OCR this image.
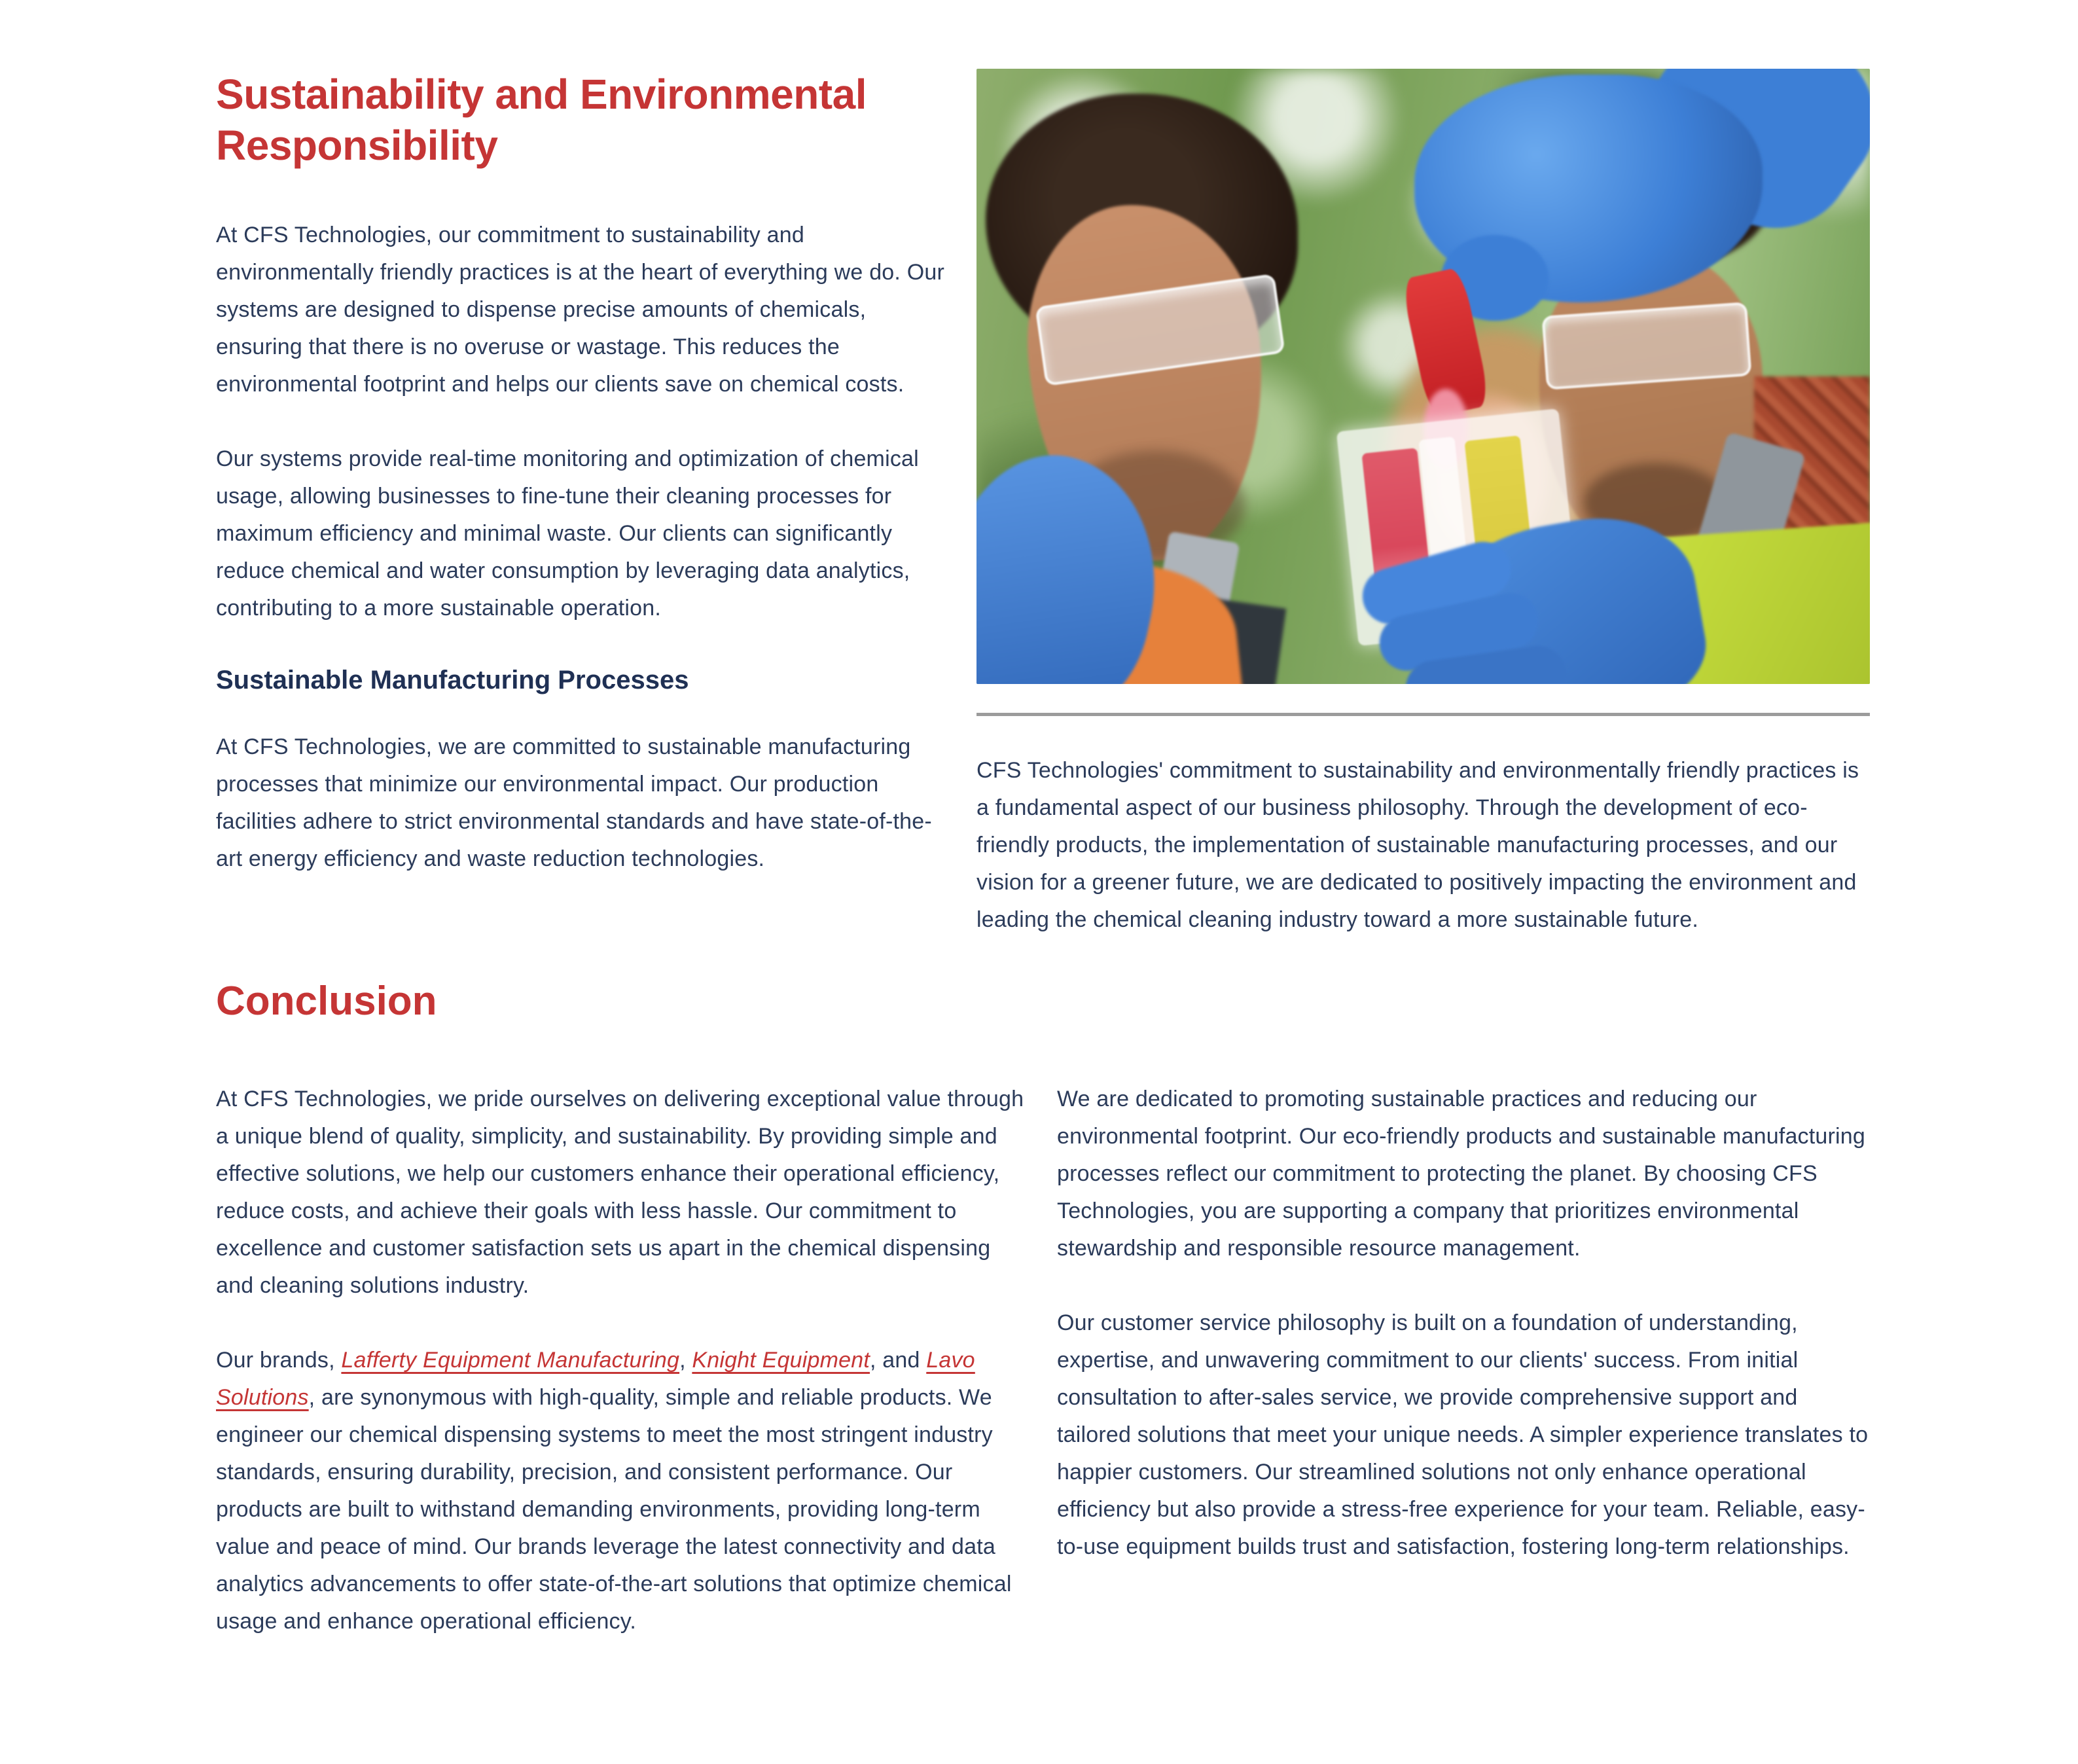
Sustainability and Environmental Responsibility

At CFS Technologies, our commitment to sustainability and environmentally friendly practices is at the heart of everything we do. Our systems are designed to dispense precise amounts of chemicals, ensuring that there is no overuse or wastage. This reduces the environmental footprint and helps our clients save on chemical costs.

Our systems provide real-time monitoring and optimization of chemical usage, allowing businesses to fine-tune their cleaning processes for maximum efficiency and minimal waste. Our clients can significantly reduce chemical and water consumption by leveraging data analytics, contributing to a more sustainable operation.

Sustainable Manufacturing Processes

At CFS Technologies, we are committed to sustainable manufacturing processes that minimize our environmental impact. Our production facilities adhere to strict environmental standards and have state-of-the-art energy efficiency and waste reduction technologies.

CFS Technologies' commitment to sustainability and environmentally friendly practices is a fundamental aspect of our business philosophy. Through the development of eco-friendly products, the implementation of sustainable manufacturing processes, and our vision for a greener future, we are dedicated to positively impacting the environment and leading the chemical cleaning industry toward a more sustainable future.

Conclusion

At CFS Technologies, we pride ourselves on delivering exceptional value through a unique blend of quality, simplicity, and sustainability. By providing simple and effective solutions, we help our customers enhance their operational efficiency, reduce costs, and achieve their goals with less hassle. Our commitment to excellence and customer satisfaction sets us apart in the chemical dispensing and cleaning solutions industry.

Our brands, Lafferty Equipment Manufacturing, Knight Equipment, and Lavo Solutions, are synonymous with high-quality, simple and reliable products. We engineer our chemical dispensing systems to meet the most stringent industry standards, ensuring durability, precision, and consistent performance. Our products are built to withstand demanding environments, providing long-term value and peace of mind. Our brands leverage the latest connectivity and data analytics advancements to offer state-of-the-art solutions that optimize chemical usage and enhance operational efficiency.

We are dedicated to promoting sustainable practices and reducing our environmental footprint. Our eco-friendly products and sustainable manufacturing processes reflect our commitment to protecting the planet. By choosing CFS Technologies, you are supporting a company that prioritizes environmental stewardship and responsible resource management.

Our customer service philosophy is built on a foundation of understanding, expertise, and unwavering commitment to our clients' success. From initial consultation to after-sales service, we provide comprehensive support and tailored solutions that meet your unique needs. A simpler experience translates to happier customers. Our streamlined solutions not only enhance operational efficiency but also provide a stress-free experience for your team. Reliable, easy-to-use equipment builds trust and satisfaction, fostering long-term relationships.
